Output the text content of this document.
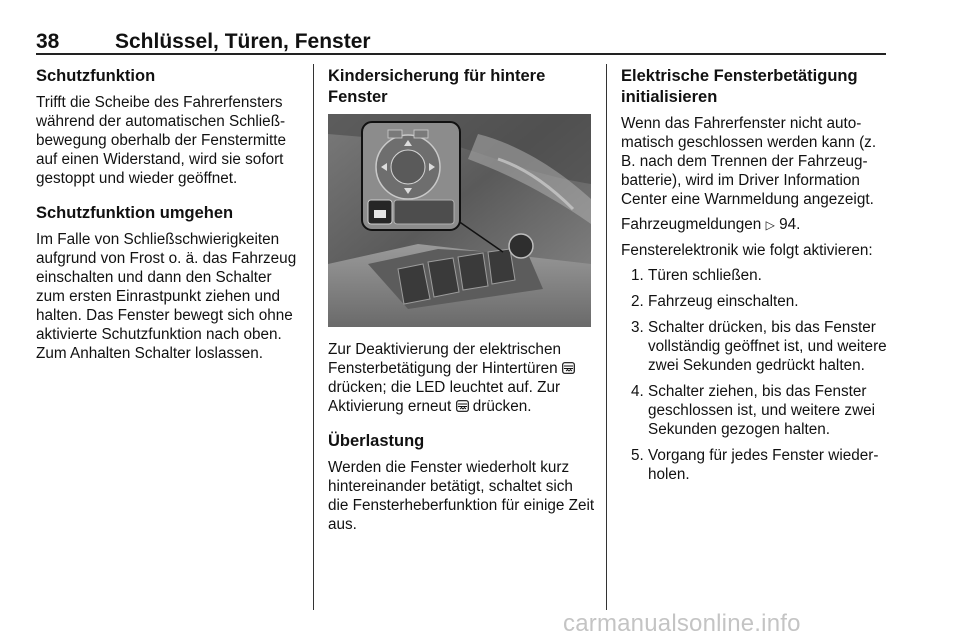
38	Schlüssel, Türen, Fenster
Schutzfunktion

Trifft die Scheibe des Fahrerfensters während der automatischen Schließbewegung oberhalb der Fenstermitte auf einen Widerstand, wird sie sofort gestoppt und wieder geöffnet.

Schutzfunktion umgehen

Im Falle von Schließschwierigkeiten aufgrund von Frost o. ä. das Fahrzeug einschalten und dann den Schalter zum ersten Einrastpunkt ziehen und halten. Das Fenster bewegt sich ohne aktivierte Schutzfunktion nach oben. Zum Anhalten Schalter loslassen.

Kindersicherung für hintere Fenster

Zur Deaktivierung der elektrischen Fensterbetätigung der Hintertüren  drücken; die LED leuchtet auf. Zur Aktivierung erneut drücken.

Überlastung

Werden die Fenster wiederholt kurz hintereinander betätigt, schaltet sich die Fensterheberfunktion für einige Zeit aus.

Elektrische Fensterbetätigung initialisieren

Wenn das Fahrerfenster nicht automatisch geschlossen werden kann (z. B. nach dem Trennen der Fahrzeugbatterie), wird im Driver Information Center eine Warnmeldung angezeigt.

Fahrzeugmeldungen ▷ 94.

Fensterelektronik wie folgt aktivieren:

1. Türen schließen.
2. Fahrzeug einschalten.
3. Schalter drücken, bis das Fenster vollständig geöffnet ist, und weitere zwei Sekunden gedrückt halten.
4. Schalter ziehen, bis das Fenster geschlossen ist, und weitere zwei Sekunden gezogen halten.
5. Vorgang für jedes Fenster wiederholen.
carmanualsonline.info
